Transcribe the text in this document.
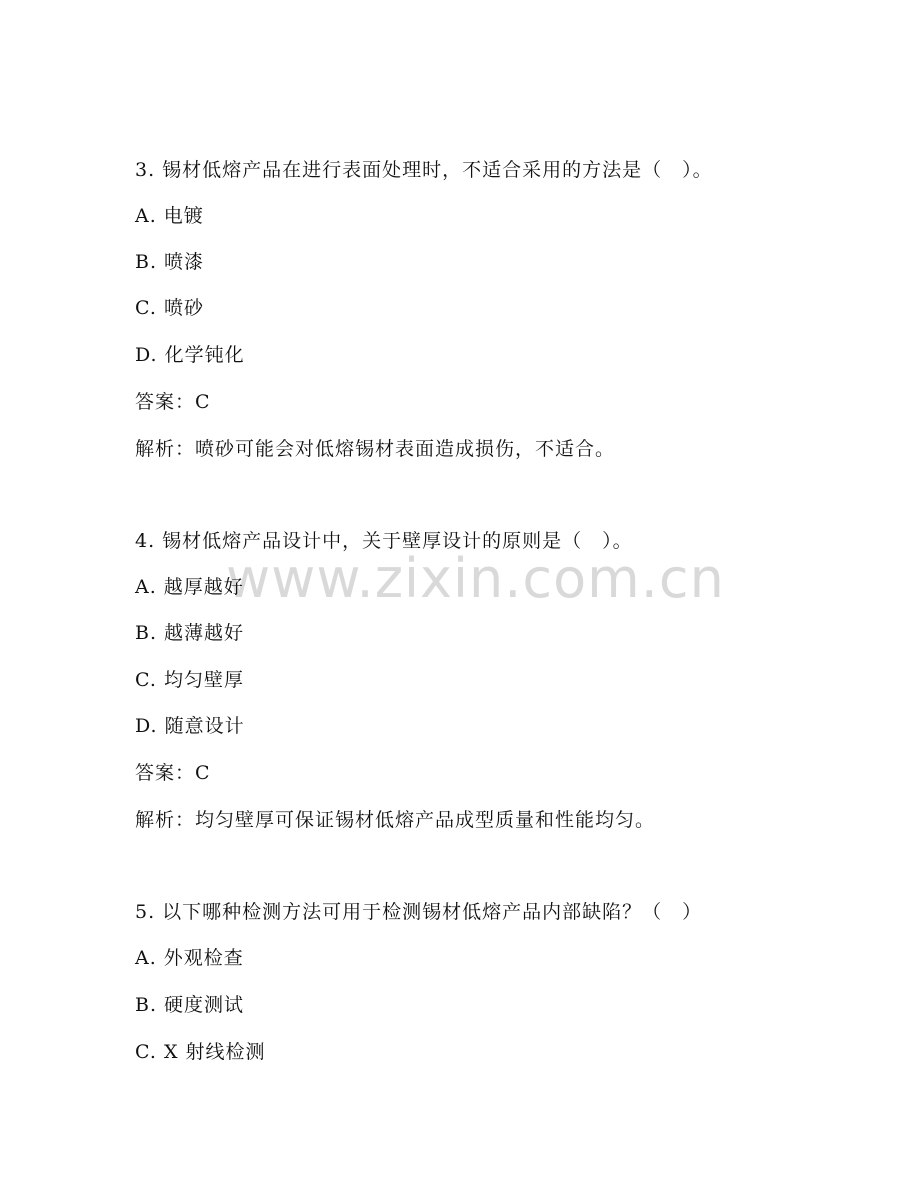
www.zixin.com.cn
3. 锡材低熔产品在进行表面处理时，不适合采用的方法是（　）。
A. 电镀
B. 喷漆
C. 喷砂
D. 化学钝化
答案：C
解析：喷砂可能会对低熔锡材表面造成损伤，不适合。
4. 锡材低熔产品设计中，关于壁厚设计的原则是（　）。
A. 越厚越好
B. 越薄越好
C. 均匀壁厚
D. 随意设计
答案：C
解析：均匀壁厚可保证锡材低熔产品成型质量和性能均匀。
5. 以下哪种检测方法可用于检测锡材低熔产品内部缺陷？（　）
A. 外观检查
B. 硬度测试
C. X 射线检测
